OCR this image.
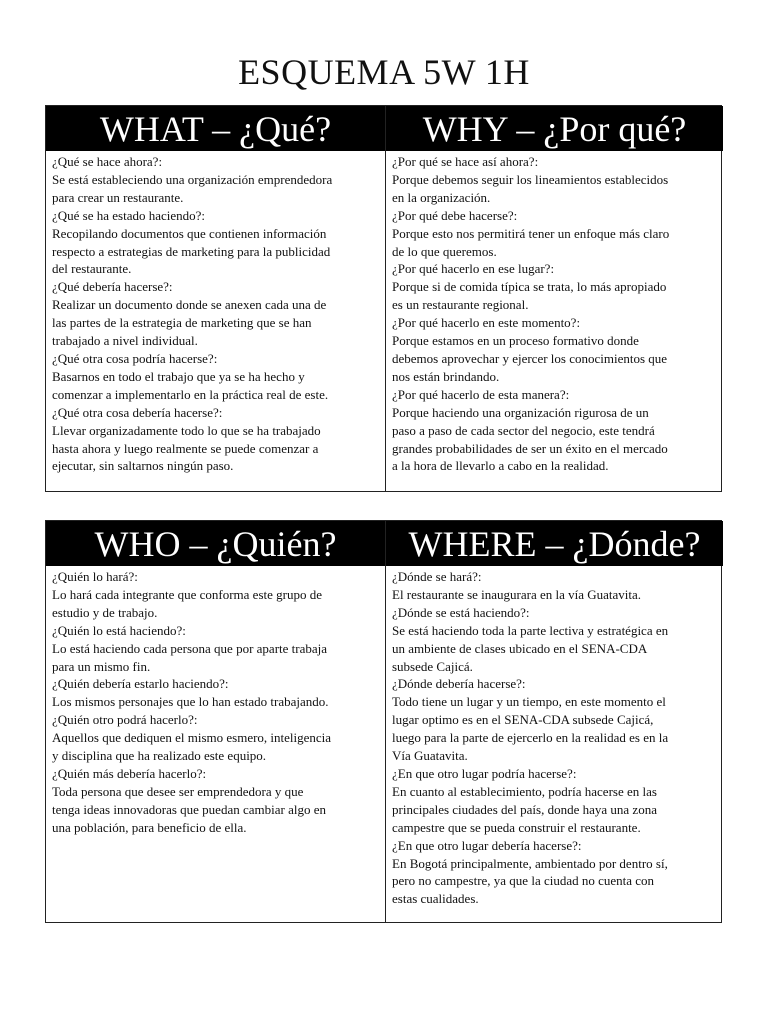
ESQUEMA 5W 1H
WHAT – ¿Qué?

¿Qué se hace ahora?:

Se está estableciendo una organización emprendedora

para crear un restaurante.

¿Qué se ha estado haciendo?:

Recopilando documentos que contienen información

respecto a estrategias de marketing para la publicidad

del restaurante.

¿Qué debería hacerse?:

Realizar un documento donde se anexen cada una de

las partes de la estrategia de marketing que se han

trabajado a nivel individual.

¿Qué otra cosa podría hacerse?:

Basarnos en todo el trabajo que ya se ha hecho y

comenzar a implementarlo en la práctica real de este.

¿Qué otra cosa debería hacerse?:

Llevar organizadamente todo lo que se ha trabajado

hasta ahora y luego realmente se puede comenzar a

ejecutar, sin saltarnos ningún paso.

WHY – ¿Por qué?

¿Por qué se hace así ahora?:

Porque debemos seguir los lineamientos establecidos

en la organización.

¿Por qué debe hacerse?:

Porque esto nos permitirá tener un enfoque más claro

de lo que queremos.

¿Por qué hacerlo en ese lugar?:

Porque si de comida típica se trata, lo más apropiado

es un restaurante regional.

¿Por qué hacerlo en este momento?:

Porque estamos en un proceso formativo donde

debemos aprovechar y ejercer los conocimientos que

nos están brindando.

¿Por qué hacerlo de esta manera?:

Porque haciendo una organización rigurosa de un

paso a paso de cada sector del negocio, este tendrá

grandes probabilidades de ser un éxito en el mercado

a la hora de llevarlo a cabo en la realidad.

WHO – ¿Quién?

¿Quién lo hará?:

Lo hará cada integrante que conforma este grupo de

estudio y de trabajo.

¿Quién lo está haciendo?:

Lo está haciendo cada persona que por aparte trabaja

para un mismo fin.

¿Quién debería estarlo haciendo?:

Los mismos personajes que lo han estado trabajando.

¿Quién otro podrá hacerlo?:

Aquellos que dediquen el mismo esmero, inteligencia

y disciplina que ha realizado este equipo.

¿Quién más debería hacerlo?:

Toda persona que desee ser emprendedora y que

tenga ideas innovadoras que puedan cambiar algo en

una población, para beneficio de ella.

WHERE – ¿Dónde?

¿Dónde se hará?:

El restaurante se inaugurara en la vía Guatavita.

¿Dónde se está haciendo?:

Se está haciendo toda la parte lectiva y estratégica en

un ambiente de clases ubicado en el SENA-CDA

subsede Cajicá.

¿Dónde debería hacerse?:

Todo tiene un lugar y un tiempo, en este momento el

lugar optimo es en el SENA-CDA subsede Cajicá,

luego para la parte de ejercerlo en la realidad es en la

Vía Guatavita.

¿En que otro lugar podría hacerse?:

En cuanto al establecimiento, podría hacerse en las

principales ciudades del país, donde haya una zona

campestre que se pueda construir el restaurante.

¿En que otro lugar debería hacerse?:

En Bogotá principalmente, ambientado por dentro sí,

pero no campestre, ya que la ciudad no cuenta con

estas cualidades.
